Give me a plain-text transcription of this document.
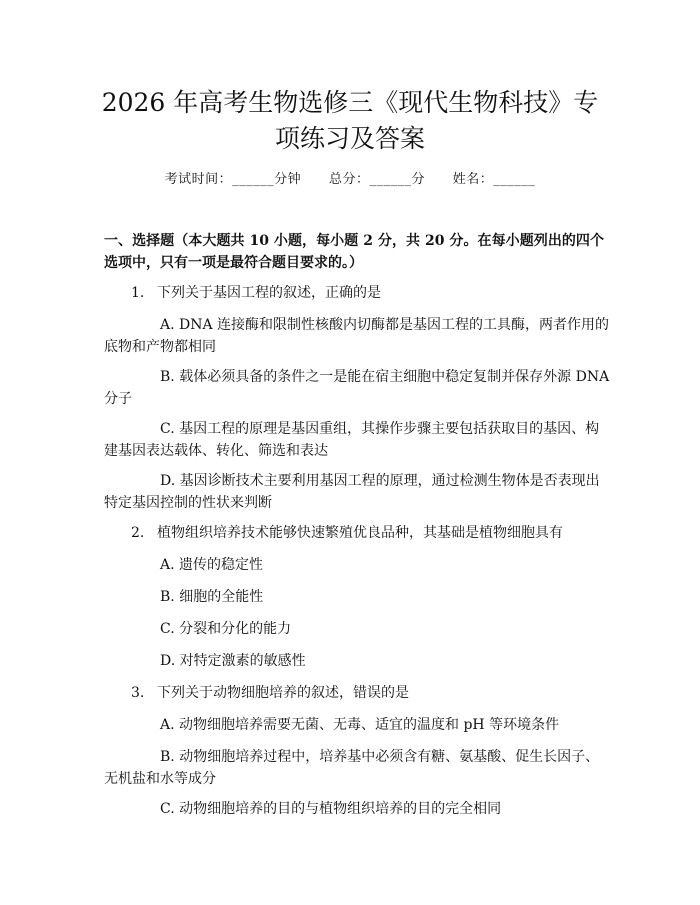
2026 年高考生物选修三《现代生物科技》专
项练习及答案
考试时间：______分钟 总分：______分 姓名：______
一、选择题（本大题共 10 小题，每小题 2 分，共 20 分。在每小题列出的四个选项中，只有一项是最符合题目要求的。）
1. 下列关于基因工程的叙述，正确的是
A. DNA 连接酶和限制性核酸内切酶都是基因工程的工具酶，两者作用的
底物和产物都相同
B. 载体必须具备的条件之一是能在宿主细胞中稳定复制并保存外源 DNA
分子
C. 基因工程的原理是基因重组，其操作步骤主要包括获取目的基因、构
建基因表达载体、转化、筛选和表达
D. 基因诊断技术主要利用基因工程的原理，通过检测生物体是否表现出
特定基因控制的性状来判断
2. 植物组织培养技术能够快速繁殖优良品种，其基础是植物细胞具有
A. 遗传的稳定性
B. 细胞的全能性
C. 分裂和分化的能力
D. 对特定激素的敏感性
3. 下列关于动物细胞培养的叙述，错误的是
A. 动物细胞培养需要无菌、无毒、适宜的温度和 pH 等环境条件
B. 动物细胞培养过程中，培养基中必须含有糖、氨基酸、促生长因子、
无机盐和水等成分
C. 动物细胞培养的目的与植物组织培养的目的完全相同
